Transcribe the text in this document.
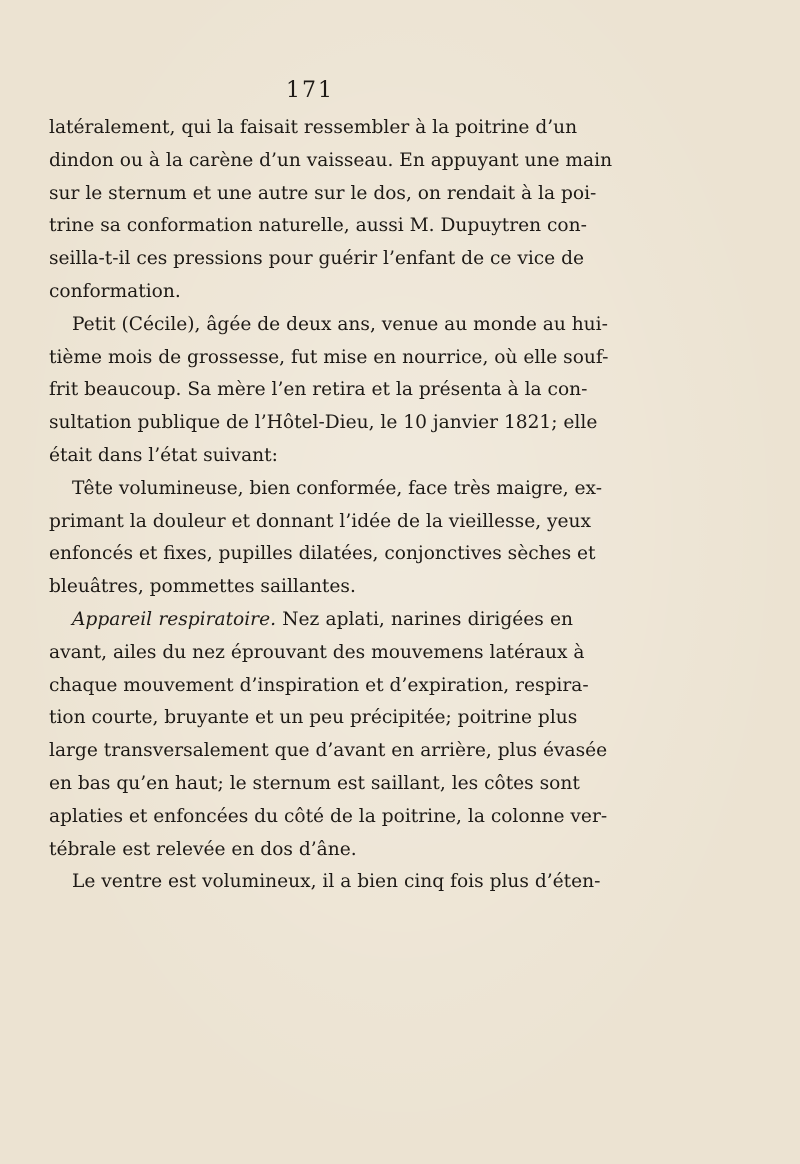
171
latéralement, qui la faisait ressembler à la poitrine d’un
dindon ou à la carène d’un vaisseau. En appuyant une main
sur le sternum et une autre sur le dos, on rendait à la poi-
trine sa conformation naturelle, aussi M. Dupuytren con-
seilla-t-il ces pressions pour guérir l’enfant de ce vice de
conformation.
Petit (Cécile), âgée de deux ans, venue au monde au hui-
tième mois de grossesse, fut mise en nourrice, où elle souf-
frit beaucoup. Sa mère l’en retira et la présenta à la con-
sultation publique de l’Hôtel-Dieu, le 10 janvier 1821; elle
était dans l’état suivant:
Tête volumineuse, bien conformée, face très maigre, ex-
primant la douleur et donnant l’idée de la vieillesse, yeux
enfoncés et fixes, pupilles dilatées, conjonctives sèches et
bleuâtres, pommettes saillantes.
Appareil respiratoire. Nez aplati, narines dirigées en
avant, ailes du nez éprouvant des mouvemens latéraux à
chaque mouvement d’inspiration et d’expiration, respira-
tion courte, bruyante et un peu précipitée; poitrine plus
large transversalement que d’avant en arrière, plus évasée
en bas qu’en haut; le sternum est saillant, les côtes sont
aplaties et enfoncées du côté de la poitrine, la colonne ver-
tébrale est relevée en dos d’âne.
Le ventre est volumineux, il a bien cinq fois plus d’éten-
